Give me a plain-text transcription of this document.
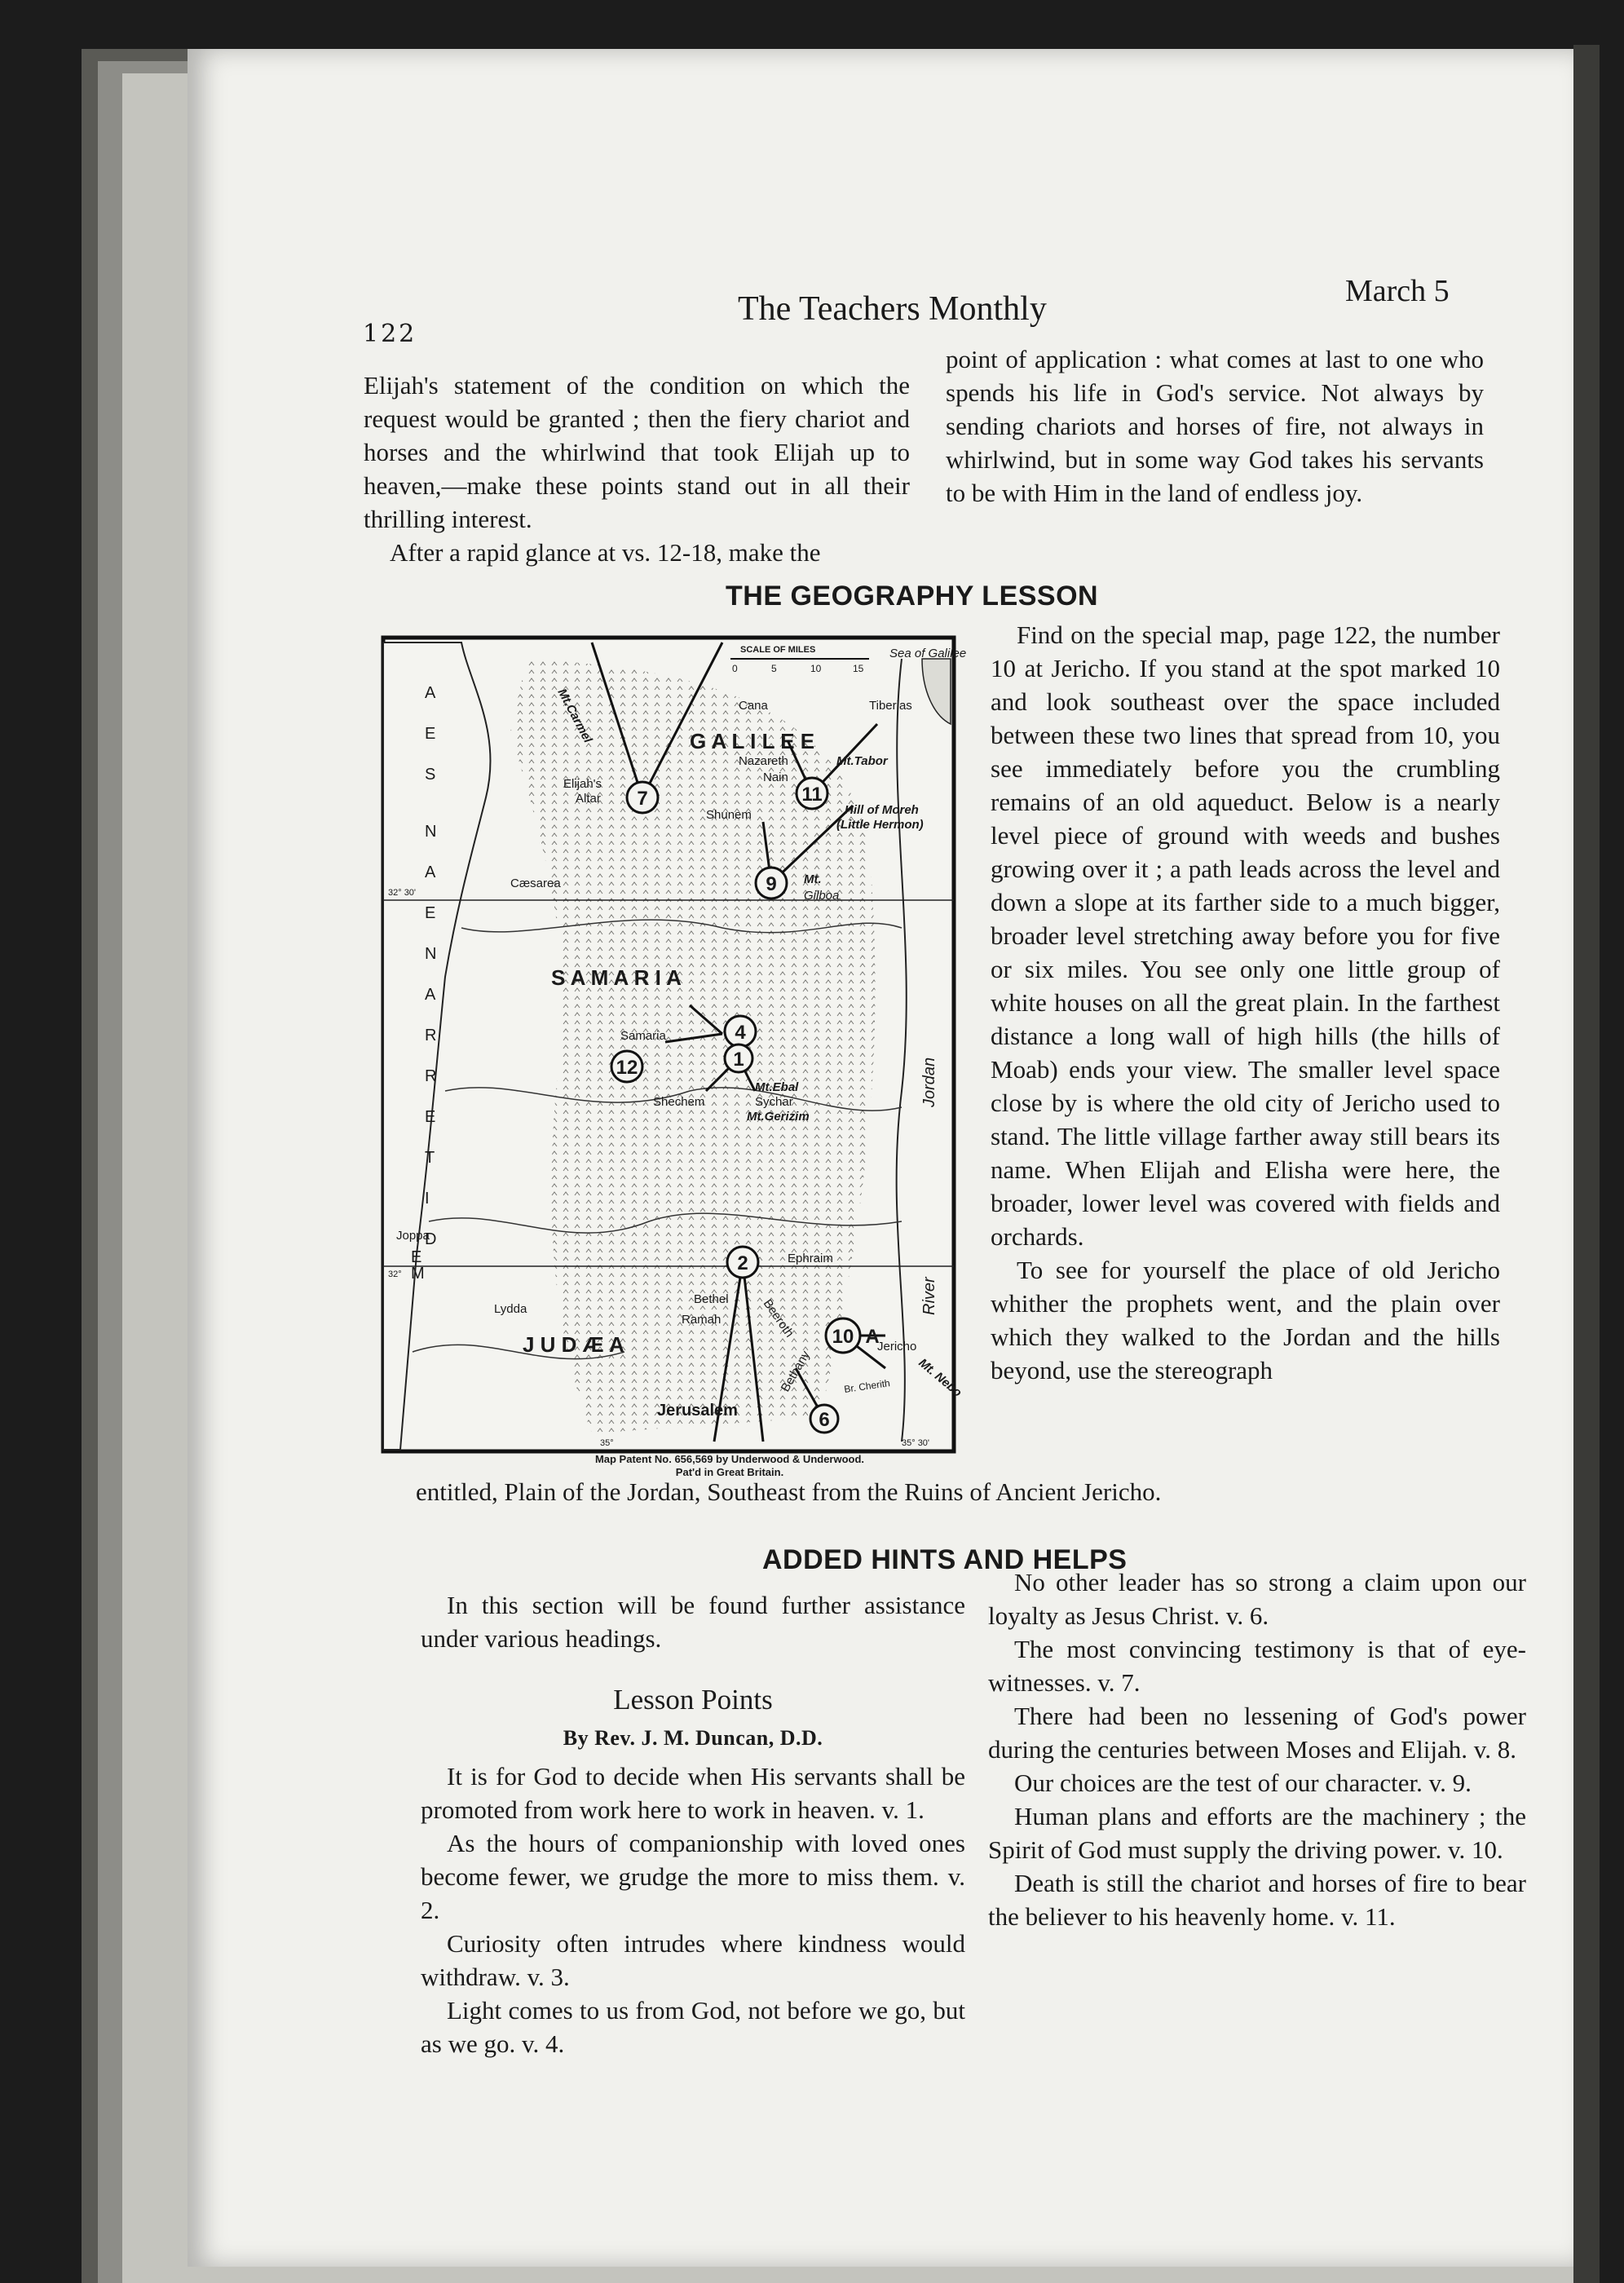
122
The Teachers Monthly	March 5

Elijah's statement of the condition on which the request would be granted ; then the fiery chariot and horses and the whirlwind that took Elijah up to heaven,—make these points stand out in all their thrilling interest.

After a rapid glance at vs. 12-18, make the

point of application : what comes at last to one who spends his life in God's service. Not always by sending chariots and horses of fire, not always in whirlwind, but in some way God takes his servants to be with Him in the land of endless joy.

THE GEOGRAPHY LESSON

Find on the special map, page 122, the number 10 at Jericho. If you stand at the spot marked 10 and look southeast over the space included between these two lines that spread from 10, you see immediately before you the crumbling remains of an old aqueduct. Below is a nearly level piece of ground with weeds and bushes growing over it ; a path leads across the level and down a slope at its farther side to a much bigger, broader level stretching away before you for five or six miles. You see only one little group of white houses on all the great plain. In the farthest distance a long wall of high hills (the hills of Moab) ends your view. The smaller level space close by is where the old city of Jericho used to stand. The little village farther away still bears its name. When Elijah and Elisha were here, the broader, lower level was covered with fields and orchards.

To see for yourself the place of old Jericho whither the prophets went, and the plain over which they walked to the Jordan and the hills beyond, use the stereograph

entitled, Plain of the Jordan, Southeast from the Ruins of Ancient Jericho.
SCALE OF MILES
0	5	10	15
A
E
S
N
A
E
N
A
R
R
E
T
I
D
E
M
G A L I L E E
S A M A R I A
J U D Æ A
Sea of Galilee
Jordan
River
7	11
9
4
12	1
2
10 A
6
Cana	Tiberias
Nazareth
Nain
Mt.Tabor
Mt.Carmel
Elijah's
Altar
Shunem	Hill of Moreh
(Little Hermon)
Cæsarea	Mt.
Gilboa
Samaria
Mt.Ebal
Sychar
Shechem
Mt.Gerizim
Joppa
Ephraim
Bethel
Ramah
Lydda
Jericho
Beeroth
Bethany	Br. Cherith Mt. Nebo
Jerusalem
32° 30'
32°
35°	35° 30'
Map Patent No. 656,569 by Underwood & Underwood.
Pat'd in Great Britain.
ADDED HINTS AND HELPS

In this section will be found further assistance under various headings.

Lesson Points

By Rev. J. M. Duncan, D.D.

It is for God to decide when His servants shall be promoted from work here to work in heaven. v. 1.

As the hours of companionship with loved ones become fewer, we grudge the more to miss them. v. 2.

Curiosity often intrudes where kindness would withdraw. v. 3.

Light comes to us from God, not before we go, but as we go. v. 4.

No other leader has so strong a claim upon our loyalty as Jesus Christ. v. 6.

The most convincing testimony is that of eye-witnesses. v. 7.

There had been no lessening of God's power during the centuries between Moses and Elijah. v. 8.

Our choices are the test of our character. v. 9.

Human plans and efforts are the machinery ; the Spirit of God must supply the driving power. v. 10.

Death is still the chariot and horses of fire to bear the believer to his heavenly home. v. 11.
